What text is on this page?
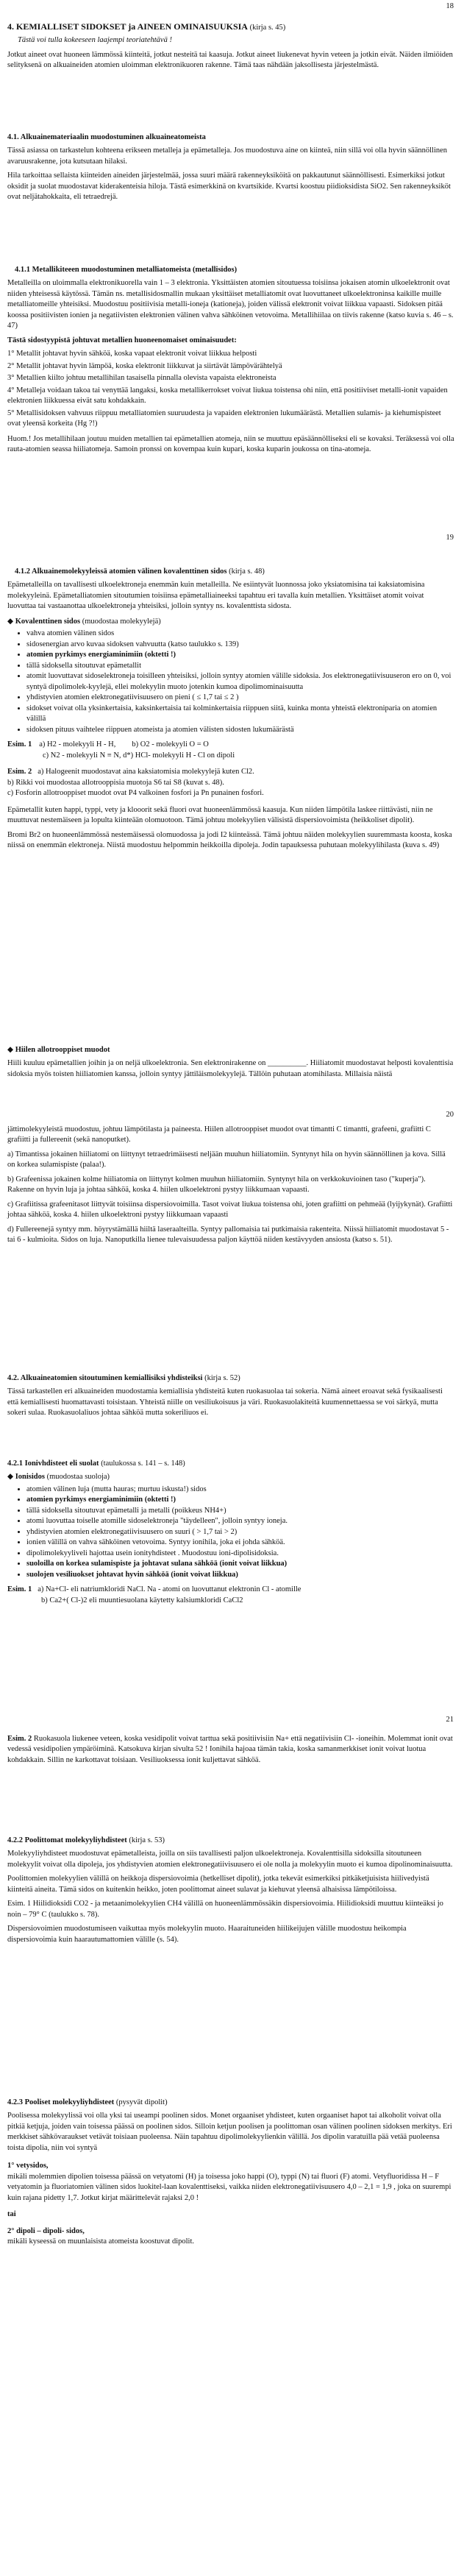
18
4. KEMIALLISET SIDOKSET ja AINEEN OMINAISUUKSIA (kirja s. 45)

Tästä voi tulla kokeeseen laajempi teoriatehtävä !

Jotkut aineet ovat huoneen lämmössä kiinteitä, jotkut nesteitä tai kaasuja. Jotkut aineet liukenevat hyvin veteen ja jotkin eivät. Näiden ilmiöiden selityksenä on alkuaineiden atomien uloimman elektronikuoren rakenne. Tämä taas nähdään jaksollisesta järjestelmästä.

4.1. Alkuainemateriaalin muodostuminen alkuaineatomeista

Tässä asiassa on tarkastelun kohteena erikseen metalleja ja epämetalleja. Jos muodostuva aine on kiinteä, niin sillä voi olla hyvin säännöllinen avaruusrakenne, jota kutsutaan hilaksi.

Hila tarkoittaa sellaista kiinteiden aineiden järjestelmää, jossa suuri määrä rakenneyksiköitä on pakkautunut säännöllisesti. Esimerkiksi jotkut oksidit ja suolat muodostavat kiderakenteisia hiloja. Tästä esimerkkinä on kvartsikide. Kvartsi koostuu piidioksidista SiO2. Sen rakenneyksiköt ovat neljätahokkaita, eli tetraedrejä.

4.1.1 Metallikiteeen muodostuminen metalliatomeista (metallisidos)

Metalleilla on uloimmalla elektronikuorella vain 1 – 3 elektronia. Yksittäisten atomien sitoutuessa toisiinsa jokaisen atomin ulkoelektronit ovat niiden yhteisessä käytössä. Tämän ns. metallisidosmallin mukaan yksittäiset metalliatomit ovat luovuttaneet ulkoelektroninsa kaikille muille metalliatomeille yhteisiksi. Muodostuu positiivisia metalli-ioneja (kationeja), joiden välissä elektronit voivat liikkua vapaasti. Sidoksen pitää koossa positiivisten ionien ja negatiivisten elektronien välinen vahva sähköinen vetovoima. Metallihiilaa on tiivis rakenne (katso kuvia s. 46 – s. 47)

Tästä sidostyypistä johtuvat metallien huoneenomaiset ominaisuudet:
1° Metallit johtavat hyvin sähköä, koska vapaat elektronit voivat liikkua helposti
2° Metallit johtavat hyvin lämpöä, koska elektronit liikkuvat ja siirtävät lämpövärähtelyä
3° Metallien kiilto johtuu metallihilan tasaisella pinnalla olevista vapaista elektroneista
4° Metalleja voidaan takoa tai venyttää langaksi, koska metallikerrokset voivat liukua toistensa ohi niin, että positiiviset metalli-ionit vapaiden elektronien liikkuessa eivät satu kohdakkain.
5° Metallisidoksen vahvuus riippuu metalliatomien suuruudesta ja vapaiden elektronien lukumäärästä. Metallien sulamis- ja kiehumispisteet ovat yleensä korkeita (Hg ?!)

Huom.! Jos metallihilaan joutuu muiden metallien tai epämetallien atomeja, niin se muuttuu epäsäännölliseksi eli se kovaksi. Teräksessä voi olla rauta-atomien seassa hiiliatomeja. Samoin pronssi on kovempaa kuin kupari, koska kuparin joukossa on tina-atomeja.

19
4.1.2 Alkuainemolekyyleissä atomien välinen kovalenttinen sidos (kirja s. 48)

Epämetalleilla on tavallisesti ulkoelektroneja enemmän kuin metalleilla. Ne esiintyvät luonnossa joko yksiatomisina tai kaksiatomisina molekyyleinä. Epämetalliatomien sitoutumien toisiinsa epämetalliaineeksi tapahtuu eri tavalla kuin metallien. Yksittäiset atomit voivat luovuttaa tai vastaanottaa ulkoelektroneja yhteisiksi, jolloin syntyy ns. kovalenttista sidosta.

◆ Kovalenttinen sidos (muodostaa molekyylejä)
• vahva atomien välinen sidos
• sidosenergian arvo kuvaa sidoksen vahvuutta (katso taulukko s. 139)
• atomien pyrkimys energiaminimiin (oktetti !)
• tällä sidoksella sitoutuvat epämetallit
• atomit luovuttavat sidoselektroneja toisilleen yhteisiksi, jolloin syntyy atomien välille sidoksia. Jos elektronegatiivisuuseron ero on 0, voi syntyä dipolimolek-kyylejä, ellei molekyylin muoto jotenkin kumoa dipolimominaisuutta
• yhdistyvien atomien elektronegatiivisuusero on pieni ( ≤ 1,7 tai ≤ 2 )
• sidokset voivat olla yksinkertaisia, kaksinkertaisia tai kolminkertaisia riippuen siitä, kuinka monta yhteistä elektroniparia on atomien välillä
• sidoksen pituus vaihtelee riippuen atomeista ja atomien välisten sidosten lukumäärästä
Esim. 1 a) H2 - molekyyli H - H, b) O2 - molekyyli O = O
c) N2 - molekyyli N ≡ N , d*) HCl- molekyyli H - Cl on dipoli
Esim. 2 a) Halogeenit muodostavat aina kaksiatomisia molekyylejä kuten Cl2.
b) Rikki voi muodostaa allotrooppisia muotoja S6 tai S8 (kuvat s. 48).
c) Fosforin allotrooppiset muodot ovat P4 valkoinen fosfori ja Pn punainen fosfori.

Epämetallit kuten happi, typpi, vety ja klooorit sekä fluori ovat huoneenlämmössä kaasuja. Kun niiden lämpötila laskee riittävästi, niin ne muuttuvat nestemäiseen ja lopulta kiinteään olomuotoon. Tämä johtuu molekyylien välisistä dispersiovoimista (heikkoliset dipolit).

Bromi Br2 on huoneenlämmössä nestemäisessä olomuodossa ja jodi I2 kiinteässä. Tämä johtuu näiden molekyylien suuremmasta koosta, koska niissä on enemmän elektroneja. Niistä muodostuu helpommin heikkoilla dipoleja. Jodin tapauksessa puhutaan molekyylihilasta (kuva s. 49)

◆ Hiilen allotrooppiset muodot

Hiili kuuluu epämetallien joihin ja on neljä ulkoelektronia. Sen elektronirakenne on __________. Hiiliatomit muodostavat helposti kovalenttisia sidoksia myös toisten hiiliatomien kanssa, jolloin syntyy jättiläismolekyylejä. Tällöin puhutaan atomihilasta. Millaisia näistä

20

jättimolekyyleistä muodostuu, johtuu lämpötilasta ja paineesta. Hiilen allotrooppiset muodot ovat timantti C timantti, grafeeni, grafiitti C grafiitti ja fullereenit (sekä nanoputket).

a) Timantissa jokainen hiiliatomi on liittynyt tetraedrimäisesti neljään muuhun hiiliatomiin. Syntynyt hila on hyvin säännöllinen ja kova. Sillä on korkea sulamispiste (palaa!).

b) Grafeenissa jokainen kolme hiiliatomia on liittynyt kolmen muuhun hiiliatomiin. Syntynyt hila on verkkokuvioinen taso ("kuperja"). Rakenne on hyvin luja ja johtaa sähköä, koska 4. hiilen ulkoelektroni pystyy liikkumaan vapaasti.

c) Grafiitissa grafeenitasot liittyvät toisiinsa dispersiovoimilla. Tasot voivat liukua toistensa ohi, joten grafiitti on pehmeää (lyijykynät). Grafiitti johtaa sähköä, koska 4. hiilen ulkoelektroni pystyy liikkumaan vapaasti

d) Fullereenejä syntyy mm. höyrystämällä hiiltä laseraalteilla. Syntyy pallomaisia tai putkimaisia rakenteita. Niissä hiiliatomit muodostavat 5 - tai 6 - kulmioita. Sidos on luja. Nanoputkilla lienee tulevaisuudessa paljon käyttöä niiden kestävyyden ansiosta (katso s. 51).

4.2. Alkuaineatomien sitoutuminen kemiallisiksi yhdisteiksi (kirja s. 52)

Tässä tarkastellen eri alkuaineiden muodostamia kemiallisia yhdisteitä kuten ruokasuolaa tai sokeria. Nämä aineet eroavat sekä fysikaalisesti että kemiallisesti huomattavasti toisistaan. Yhteistä niille on vesiliukoisuus ja väri. Ruokasuolakiteitä kuumennettaessa se voi särkyä, mutta sokeri sulaa. Ruokasuolaliuos johtaa sähköä mutta sokeriliuos ei.

4.2.1 Ionivhdisteet eli suolat (taulukossa s. 141 – s. 148)
◆ Ionisidos (muodostaa suoloja)
• atomien välinen luja (mutta hauras; murtuu iskusta!) sidos
• atomien pyrkimys energiaminimiin (oktetti !)
• tällä sidoksella sitoutuvat epämetalli ja metalli (poikkeus NH4+)
• atomi luovuttaa toiselle atomille sidoselektroneja "täydelleen", jolloin syntyy ioneja.
• yhdistyvien atomien elektronegatiivisuusero on suuri ( > 1,7 tai > 2)
• ionien välillä on vahva sähköinen vetovoima. Syntyy ionihila, joka ei johda sähköä.
• dipolimolekyyliveli hajottaa usein ionityhdisteet . Muodostuu ioni-dipolisidoksia.
• suoloilla on korkea sulamispiste ja johtavat sulana sähköä (ionit voivat liikkua)
• suolojen vesiliuokset johtavat hyvin sähköä (ionit voivat liikkua)
Esim. 1 a) Na+Cl- eli natriumkloridi NaCl. Na - atomi on luovuttanut elektronin Cl - atomille
b) Ca2+( Cl-)2 eli muuntiesuolana käytetty kalsiumkloridi CaCl2
21

Esim. 2 Ruokasuola liukenee veteen, koska vesidipolit voivat tarttua sekä positiivisiin Na+ että negatiivisiin Cl- -ioneihin. Molemmat ionit ovat vedessä vesidipolien ympäröiminä. Katsokuva kirjan sivulta 52 ! Ionihila hajoaa tämän takia, koska samanmerkkiset ionit voivat luotua kohdakkain. Sillin ne karkottavat toisiaan. Vesiliuoksessa ionit kuljettavat sähköä.

4.2.2 Poolittomat molekyyliyhdisteet (kirja s. 53)

Molekyyliyhdisteet muodostuvat epämetalleista, joilla on siis tavallisesti paljon ulkoelektroneja. Kovalenttisilla sidoksilla sitoutuneen molekyylit voivat olla dipoleja, jos yhdistyvien atomien elektronegatiivisuusero ei ole nolla ja molekyylin muoto ei kumoa dipolinominaisuutta.

Poolittomien molekyylien välillä on heikkoja dispersiovoimia (hetkelliset dipolit), jotka tekevät esimerkiksi pitkäketjuisista hiilivedyistä kiinteitä aineita. Tämä sidos on kuitenkin heikko, joten poolittomat aineet sulavat ja kiehuvat yleensä alhaisissa lämpötiloissa.

Esim. 1 Hiilidioksidi CO2 - ja metaanimolekyylien CH4 välillä on huoneenlämmössäkin dispersiovoimia. Hiilidioksidi muuttuu kiinteäksi jo noin – 79° C (taulukko s. 78).

Dispersiovoimien muodostumiseen vaikuttaa myös molekyylin muoto. Haaraituneiden hiilikeijujen välille muodostuu heikompia dispersiovoimia kuin haarautumattomien välille (s. 54).

4.2.3 Pooliset molekyyliyhdisteet (pysyvät dipolit)

Poolisessa molekyylissä voi olla yksi tai useampi poolinen sidos. Monet orgaaniset yhdisteet, kuten orgaaniset hapot tai alkoholit voivat olla pitkiä ketjuja, joiden vain toisessa päässä on poolinen sidos. Silloin ketjun poolisen ja poolittoman osan välinen poolinen sidoksen merkitys. Eri merkkiset sähkövaraukset vetävät toisiaan puoleensa. Näin tapahtuu dipolimolekyylienkin välillä. Jos dipolin varatuilla pää vetää puoleensa toista dipolia, niin voi syntyä

1° vetysidos,

mikäli molemmien dipolien toisessa päässä on vetyatomi (H) ja toisessa joko happi (O), typpi (N) tai fluori (F) atomi. Vetyfluoridissa H – F vetyatomin ja fluoriatomien välinen sidos luokitel-laan kovalenttiseksi, vaikka niiden elektronegatiivisuusero 4,0 – 2,1 = 1,9 , joka on suurempi kuin rajana pidetty 1,7. Jotkut kirjat määrittelevät rajaksi 2,0 !

tai
2° dipoli – dipoli- sidos,

mikäli kyseessä on muunlaisista atomeista koostuvat dipolit.
